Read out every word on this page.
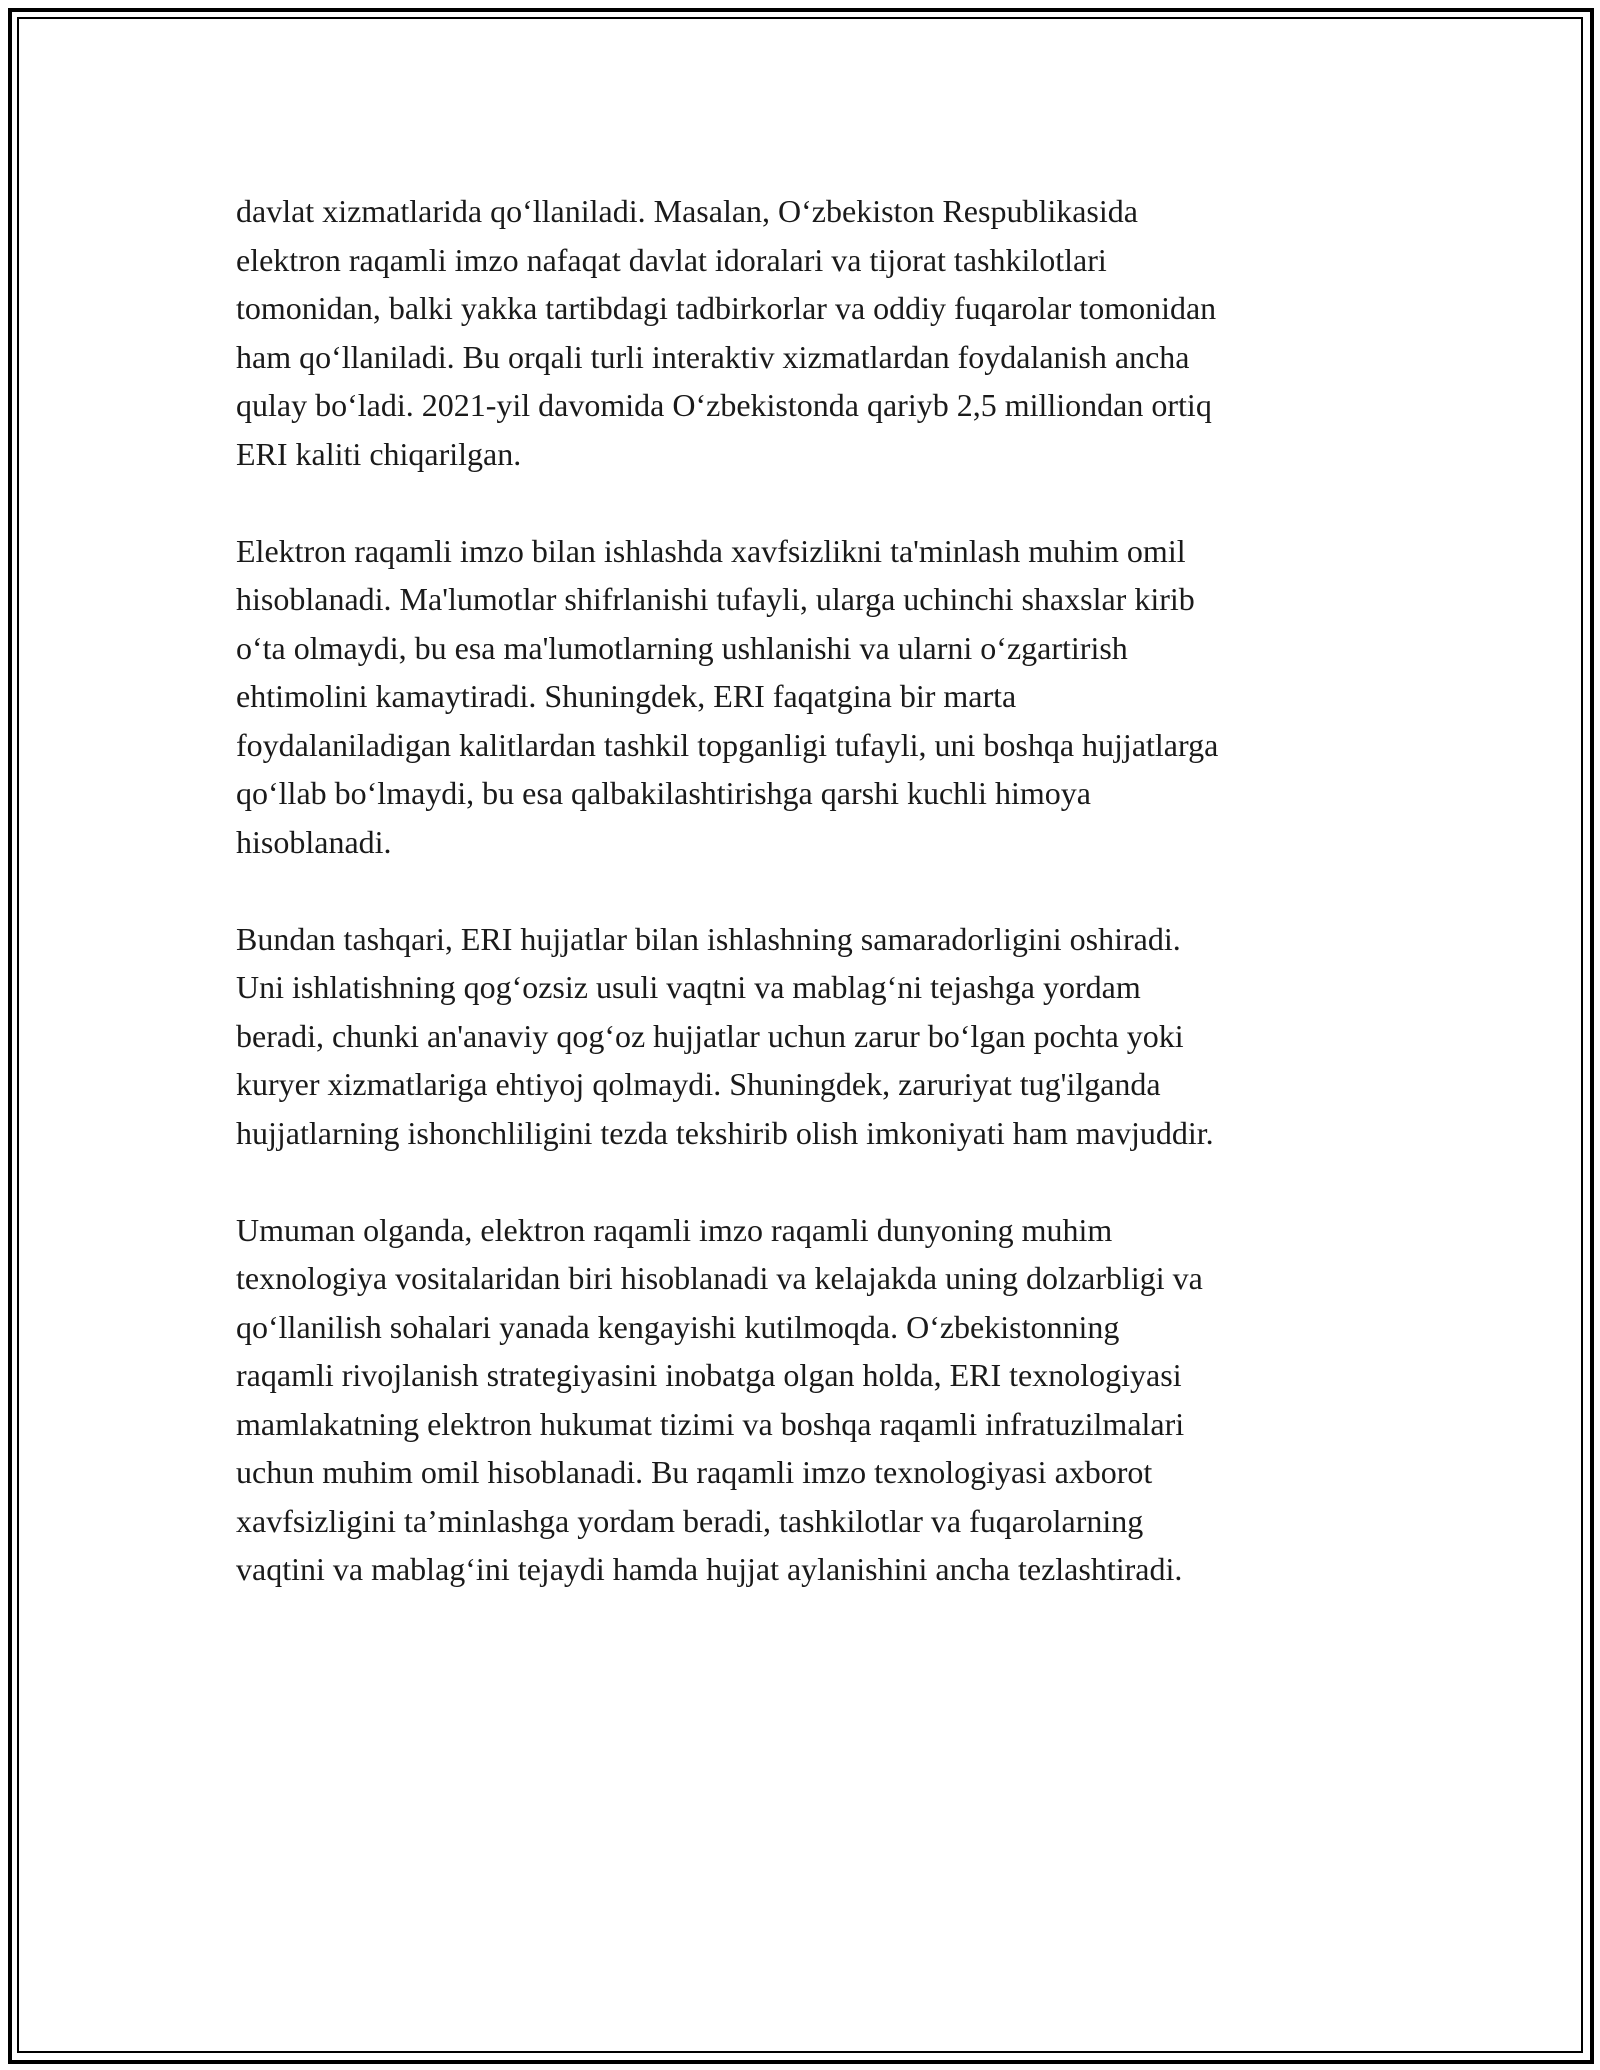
davlat xizmatlarida qo‘llaniladi. Masalan, O‘zbekiston Respublikasida
elektron raqamli imzo nafaqat davlat idoralari va tijorat tashkilotlari
tomonidan, balki yakka tartibdagi tadbirkorlar va oddiy fuqarolar tomonidan
ham qo‘llaniladi. Bu orqali turli interaktiv xizmatlardan foydalanish ancha
qulay bo‘ladi. 2021-yil davomida O‘zbekistonda qariyb 2,5 milliondan ortiq
ERI kaliti chiqarilgan.

Elektron raqamli imzo bilan ishlashda xavfsizlikni ta'minlash muhim omil
hisoblanadi. Ma'lumotlar shifrlanishi tufayli, ularga uchinchi shaxslar kirib
o‘ta olmaydi, bu esa ma'lumotlarning ushlanishi va ularni o‘zgartirish
ehtimolini kamaytiradi. Shuningdek, ERI faqatgina bir marta
foydalaniladigan kalitlardan tashkil topganligi tufayli, uni boshqa hujjatlarga
qo‘llab bo‘lmaydi, bu esa qalbakilashtirishga qarshi kuchli himoya
hisoblanadi.

Bundan tashqari, ERI hujjatlar bilan ishlashning samaradorligini oshiradi.
Uni ishlatishning qog‘ozsiz usuli vaqtni va mablag‘ni tejashga yordam
beradi, chunki an'anaviy qog‘oz hujjatlar uchun zarur bo‘lgan pochta yoki
kuryer xizmatlariga ehtiyoj qolmaydi. Shuningdek, zaruriyat tug'ilganda
hujjatlarning ishonchliligini tezda tekshirib olish imkoniyati ham mavjuddir.

Umuman olganda, elektron raqamli imzo raqamli dunyoning muhim
texnologiya vositalaridan biri hisoblanadi va kelajakda uning dolzarbligi va
qo‘llanilish sohalari yanada kengayishi kutilmoqda. O‘zbekistonning
raqamli rivojlanish strategiyasini inobatga olgan holda, ERI texnologiyasi
mamlakatning elektron hukumat tizimi va boshqa raqamli infratuzilmalari
uchun muhim omil hisoblanadi. Bu raqamli imzo texnologiyasi axborot
xavfsizligini ta’minlashga yordam beradi, tashkilotlar va fuqarolarning
vaqtini va mablag‘ini tejaydi hamda hujjat aylanishini ancha tezlashtiradi.
